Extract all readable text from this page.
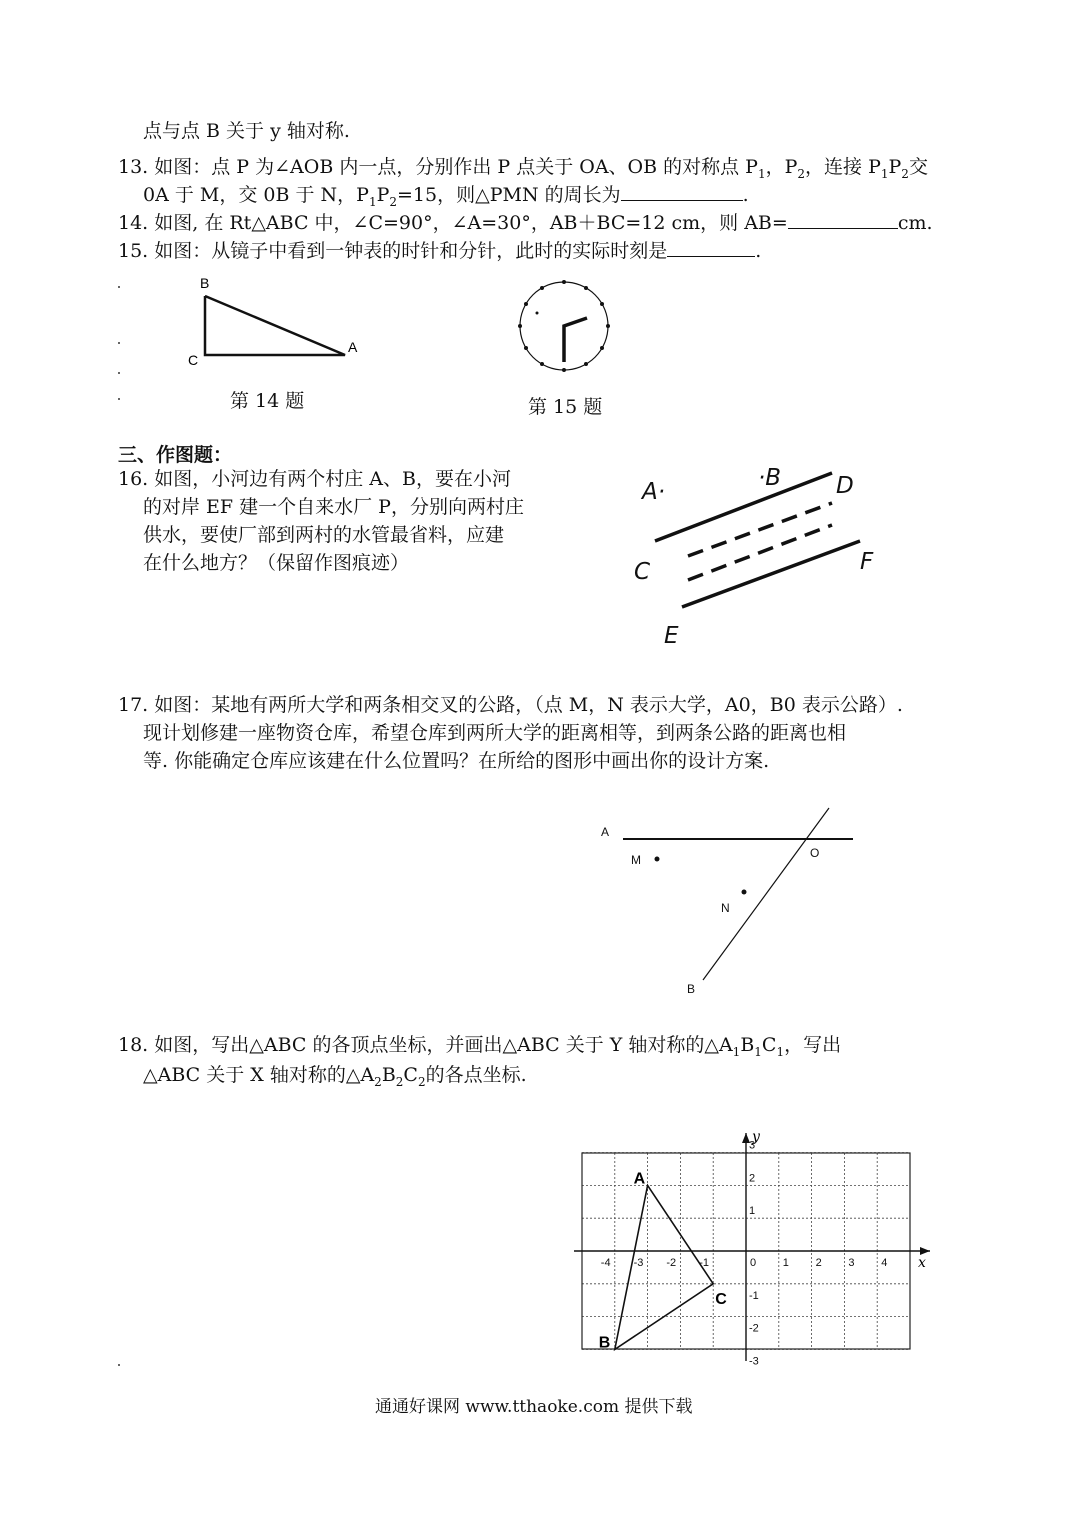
点与点 B 关于 y 轴对称.
13. 如图：点 P 为∠AOB 内一点，分别作出 P 点关于 OA、OB 的对称点 $P_1$，$P_2$，连接 $P_1P_2$交
0A 于 M，交 0B 于 N，$P_1P_2=15$，则△PMN 的周长为	.
14. 如图, 在 Rt△ABC 中，∠C=90°，∠A=30°，AB＋BC=12 cm，则 AB=	cm.
15. 如图：从镜子中看到一钟表的时针和分针，此时的实际时刻是	.
B
C
A
第 14 题	第 15 题
三、作图题：
16. 如图，小河边有两个村庄 A、B，要在小河
的对岸 EF 建一个自来水厂 P，分别向两村庄
供水，要使厂部到两村的水管最省料，应建
在什么地方？（保留作图痕迹）
A·
·B D
C	F
E
17. 如图：某地有两所大学和两条相交叉的公路，（点 M，N 表示大学，A0，B0 表示公路）.
现计划修建一座物资仓库，希望仓库到两所大学的距离相等，到两条公路的距离也相
等. 你能确定仓库应该建在什么位置吗？在所给的图形中画出你的设计方案.
A
M	O
N
B
18. 如图，写出△ABC 的各顶点坐标，并画出△ABC 关于 Y 轴对称的$\triangle A_1B_1C_1$，写出
△ABC 关于 X 轴对称的$\triangle A_2B_2C_2$的各点坐标.
x
y
-4 -3 -2 -1	0 1 2 3 4
3
2
1
-1
-2
-3
A
B
C
通通好课网 www.tthaoke.com 提供下载
